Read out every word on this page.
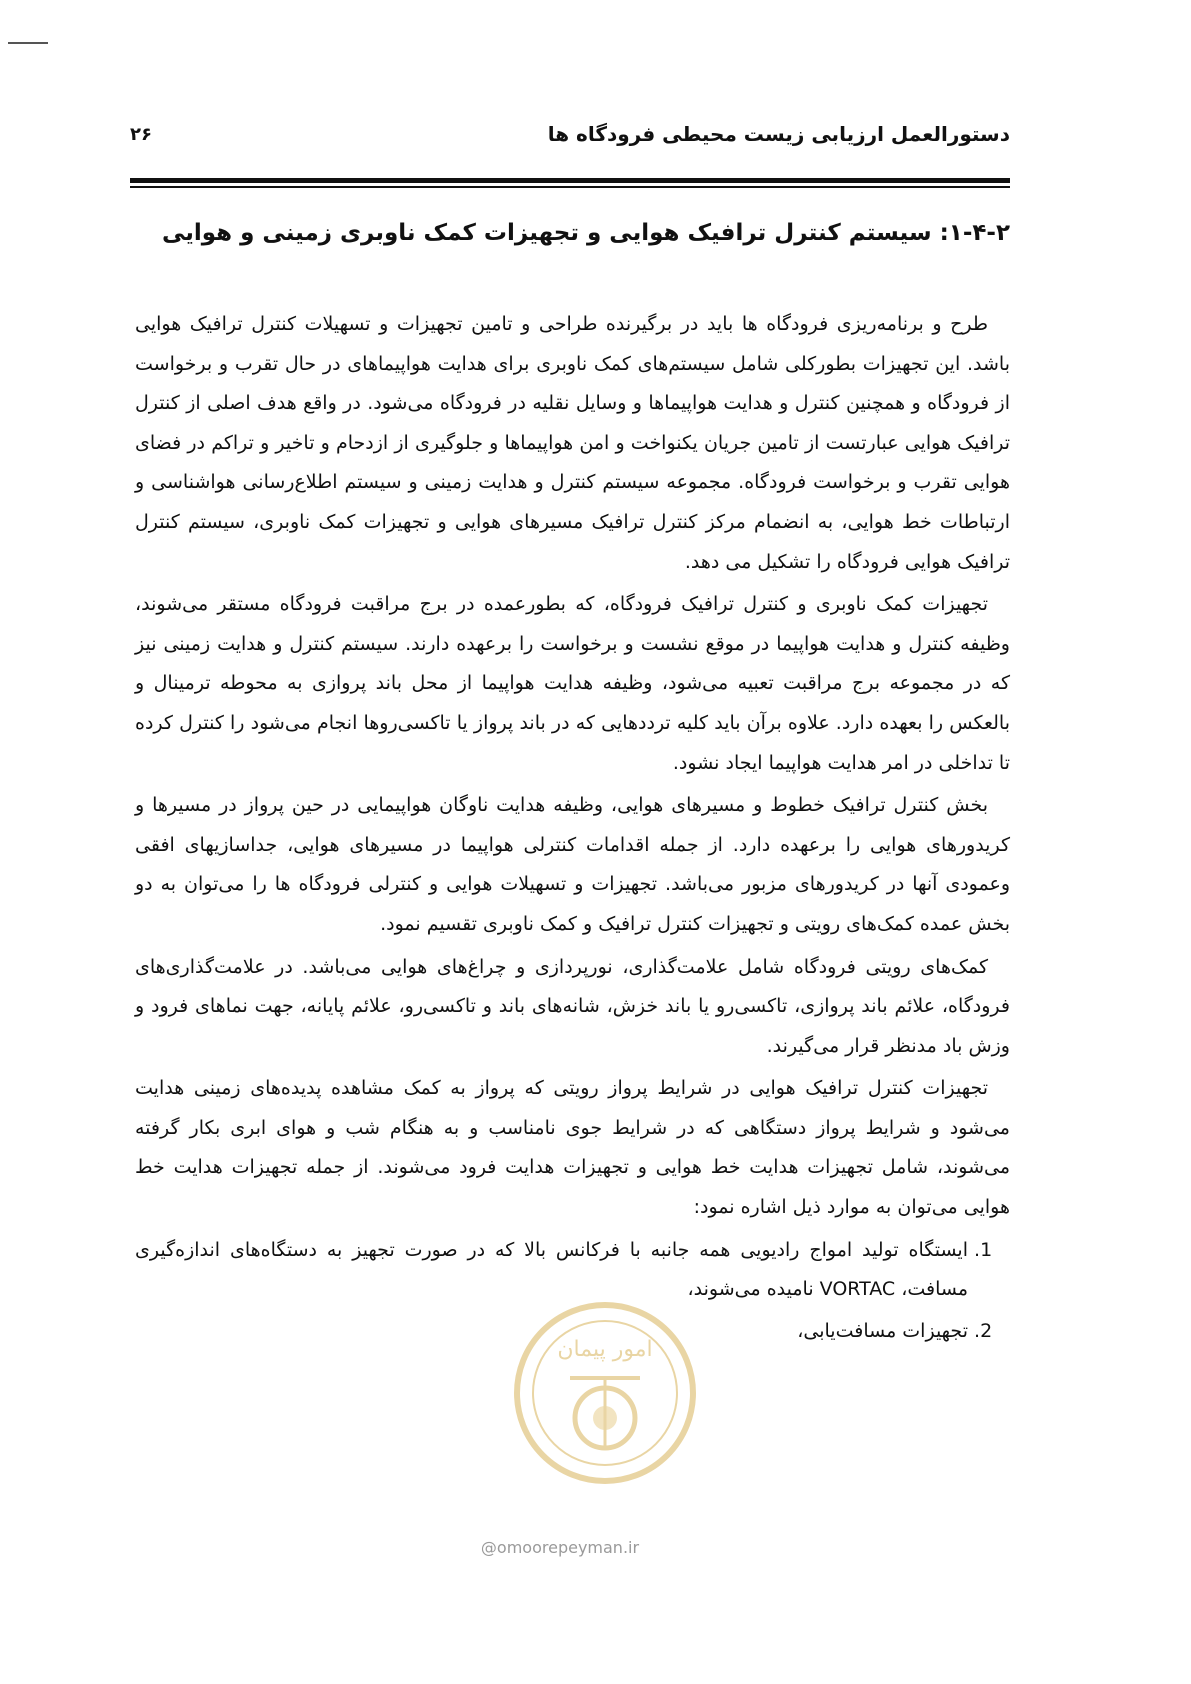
دستورالعمل ارزیابی زیست محیطی فرودگاه ها
۲۶
۱-۴-۲: سیستم کنترل ترافیک هوایی و تجهیزات کمک ناوبری زمینی و هوایی

طرح و برنامه‌ریزی فرودگاه ها باید در برگیرنده طراحی و تامین تجهیزات و تسهیلات کنترل ترافیک هوایی باشد. این تجهیزات بطورکلی شامل سیستم‌های کمک ناوبری برای هدایت هواپیماهای در حال تقرب و برخواست از فرودگاه و همچنین کنترل و هدایت هواپیماها و وسایل نقلیه در فرودگاه می‌شود. در واقع هدف اصلی از کنترل ترافیک هوایی عبارتست از تامین جریان یکنواخت و امن هواپیماها و جلوگیری از ازدحام و تاخیر و تراکم در فضای هوایی تقرب و برخواست فرودگاه. مجموعه سیستم کنترل و هدایت زمینی و سیستم اطلاع‌رسانی هواشناسی و ارتباطات خط هوایی، به انضمام مرکز کنترل ترافیک مسیرهای هوایی و تجهیزات کمک ناوبری، سیستم کنترل ترافیک هوایی فرودگاه را تشکیل می دهد.

تجهیزات کمک ناوبری و کنترل ترافیک فرودگاه، که بطورعمده در برج مراقبت فرودگاه مستقر می‌شوند، وظیفه کنترل و هدایت هواپیما در موقع نشست و برخواست را برعهده دارند. سیستم کنترل و هدایت زمینی نیز که در مجموعه برج مراقبت تعبیه می‌شود، وظیفه هدایت هواپیما از محل باند پروازی به محوطه ترمینال و بالعکس را بعهده دارد. علاوه برآن باید کلیه ترددهایی که در باند پرواز یا تاکسی‌روها انجام می‌شود را کنترل کرده تا تداخلی در امر هدایت هواپیما ایجاد نشود.

بخش کنترل ترافیک خطوط و مسیرهای هوایی، وظیفه هدایت ناوگان هواپیمایی در حین پرواز در مسیرها و کریدورهای هوایی را برعهده دارد. از جمله اقدامات کنترلی هواپیما در مسیرهای هوایی، جداسازیهای افقی وعمودی آنها در کریدورهای مزبور می‌باشد. تجهیزات و تسهیلات هوایی و کنترلی فرودگاه ها را می‌توان به دو بخش عمده کمک‌های رویتی و تجهیزات کنترل ترافیک و کمک ناوبری تقسیم نمود.

کمک‌های رویتی فرودگاه شامل علامت‌گذاری، نورپردازی و چراغ‌های هوایی می‌باشد. در علامت‌گذاری‌های فرودگاه، علائم باند پروازی، تاکسی‌رو یا باند خزش، شانه‌های باند و تاکسی‌رو، علائم پایانه، جهت نماهای فرود و وزش باد مدنظر قرار می‌گیرند.

تجهیزات کنترل ترافیک هوایی در شرایط پرواز رویتی که پرواز به کمک مشاهده پدیده‌های زمینی هدایت می‌شود و شرایط پرواز دستگاهی که در شرایط جوی نامناسب و به هنگام شب و هوای ابری بکار گرفته می‌شوند، شامل تجهیزات هدایت خط هوایی و تجهیزات هدایت فرود می‌شوند. از جمله تجهیزات هدایت خط هوایی می‌توان به موارد ذیل اشاره نمود:

1. ایستگاه تولید امواج رادیویی همه جانبه با فرکانس بالا که در صورت تجهیز به دستگاه‌های اندازه‌گیری مسافت، VORTAC نامیده می‌شوند،
2. تجهیزات مسافت‌یابی،
امور پیمان
@omoorepeyman.ir
